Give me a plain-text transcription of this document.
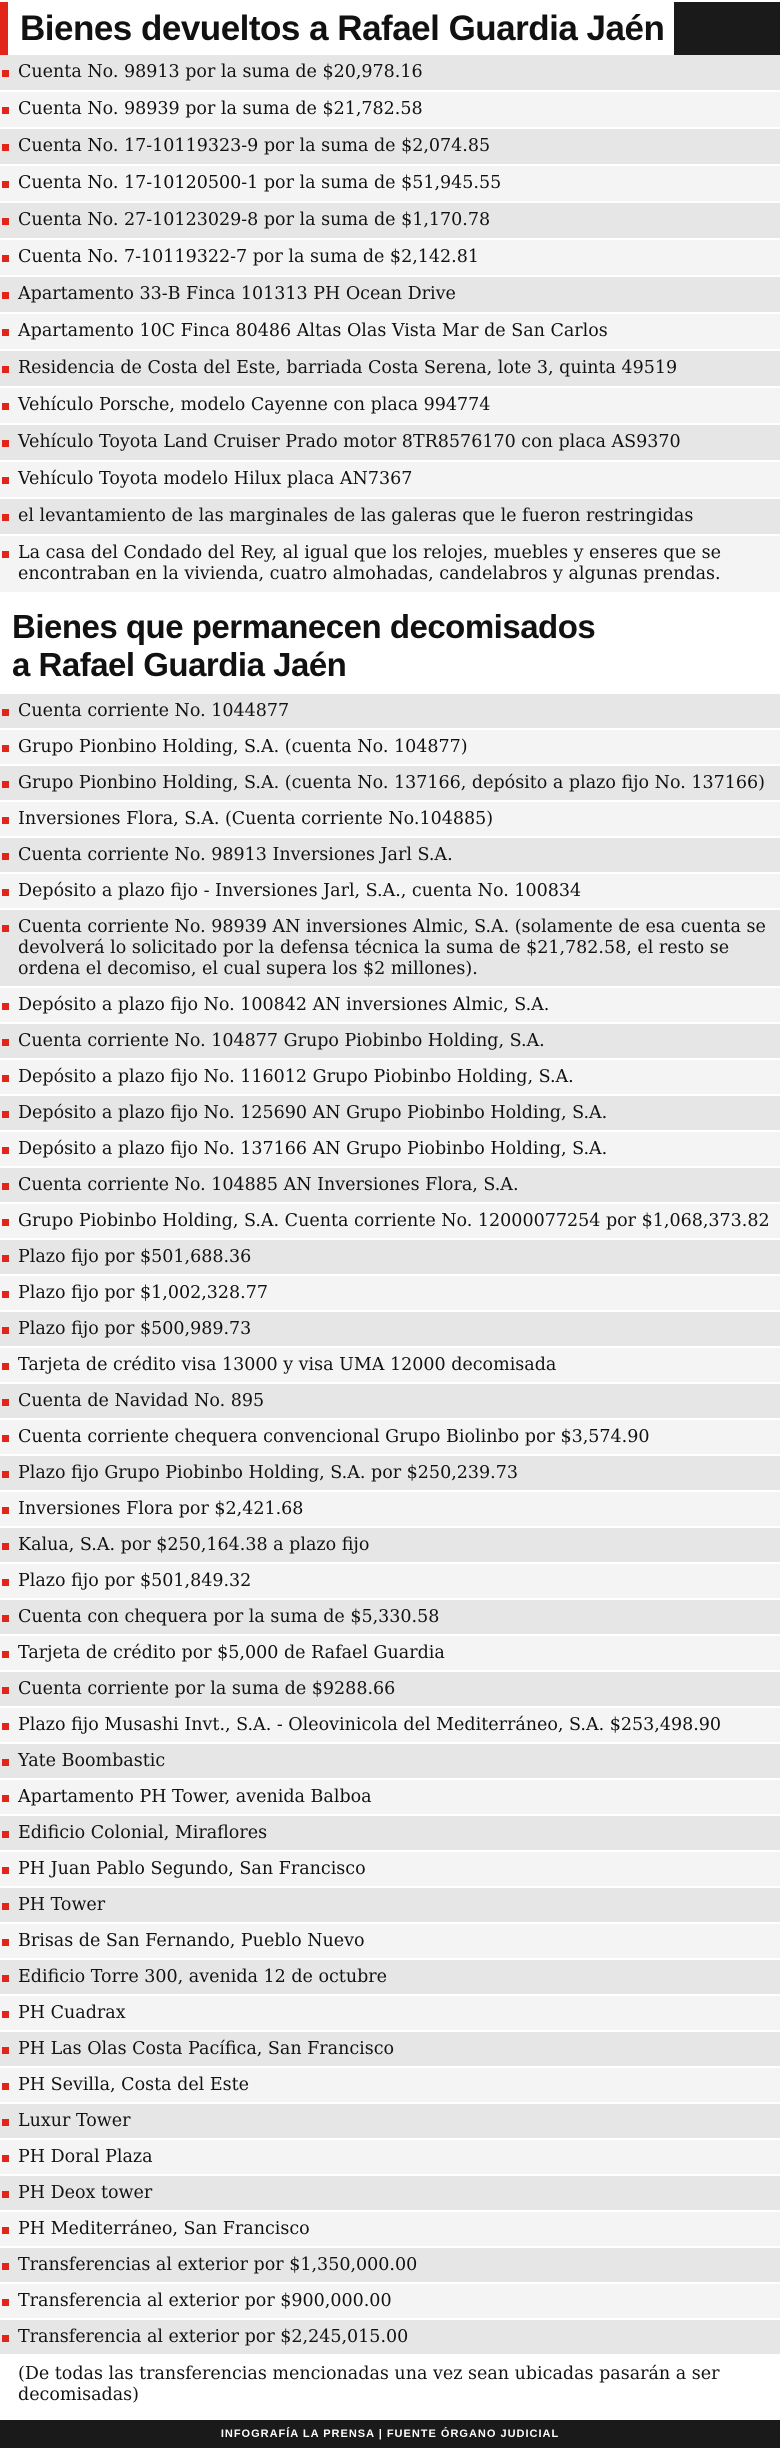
Bienes devueltos a Rafael Guardia Jaén
Cuenta No. 98913 por la suma de $20,978.16
Cuenta No. 98939 por la suma de $21,782.58
Cuenta No. 17-10119323-9 por la suma de $2,074.85
Cuenta No. 17-10120500-1 por la suma de $51,945.55
Cuenta No. 27-10123029-8 por la suma de $1,170.78
Cuenta No. 7-10119322-7 por la suma de $2,142.81
Apartamento 33-B Finca 101313 PH Ocean Drive
Apartamento 10C Finca 80486 Altas Olas Vista Mar de San Carlos
Residencia de Costa del Este, barriada Costa Serena, lote 3, quinta 49519
Vehículo Porsche, modelo Cayenne con placa 994774
Vehículo Toyota Land Cruiser Prado motor 8TR8576170 con placa AS9370
Vehículo Toyota modelo Hilux placa AN7367
el levantamiento de las marginales de las galeras que le fueron restringidas
La casa del Condado del Rey, al igual que los relojes, muebles y enseres que se encontraban en la vivienda, cuatro almohadas, candelabros y algunas prendas.
Bienes que permanecen decomisados
a Rafael Guardia Jaén
Cuenta corriente No. 1044877
Grupo Pionbino Holding, S.A. (cuenta No. 104877)
Grupo Pionbino Holding, S.A. (cuenta No. 137166, depósito a plazo fijo No. 137166)
Inversiones Flora, S.A. (Cuenta corriente No.104885)
Cuenta corriente No. 98913 Inversiones Jarl S.A.
Depósito a plazo fijo - Inversiones Jarl, S.A., cuenta No. 100834
Cuenta corriente No. 98939 AN inversiones Almic, S.A. (solamente de esa cuenta se devolverá lo solicitado por la defensa técnica la suma de $21,782.58, el resto se ordena el decomiso, el cual supera los $2 millones).
Depósito a plazo fijo No. 100842 AN inversiones Almic, S.A.
Cuenta corriente No. 104877 Grupo Piobinbo Holding, S.A.
Depósito a plazo fijo No. 116012 Grupo Piobinbo Holding, S.A.
Depósito a plazo fijo No. 125690 AN Grupo Piobinbo Holding, S.A.
Depósito a plazo fijo No. 137166 AN Grupo Piobinbo Holding, S.A.
Cuenta corriente No. 104885 AN Inversiones Flora, S.A.
Grupo Piobinbo Holding, S.A. Cuenta corriente No. 12000077254 por $1,068,373.82
Plazo fijo por $501,688.36
Plazo fijo por $1,002,328.77
Plazo fijo por $500,989.73
Tarjeta de crédito visa 13000 y visa UMA 12000 decomisada
Cuenta de Navidad No. 895
Cuenta corriente chequera convencional Grupo Biolinbo por $3,574.90
Plazo fijo Grupo Piobinbo Holding, S.A. por $250,239.73
Inversiones Flora por $2,421.68
Kalua, S.A. por $250,164.38 a plazo fijo
Plazo fijo por $501,849.32
Cuenta con chequera por la suma de $5,330.58
Tarjeta de crédito por $5,000 de Rafael Guardia
Cuenta corriente por la suma de $9288.66
Plazo fijo Musashi Invt., S.A. - Oleovinicola del Mediterráneo, S.A. $253,498.90
Yate Boombastic
Apartamento PH Tower, avenida Balboa
Edificio Colonial, Miraflores
PH Juan Pablo Segundo, San Francisco
PH Tower
Brisas de San Fernando, Pueblo Nuevo
Edificio Torre 300, avenida 12 de octubre
PH Cuadrax
PH Las Olas Costa Pacífica, San Francisco
PH Sevilla, Costa del Este
Luxur Tower
PH Doral Plaza
PH Deox tower
PH Mediterráneo, San Francisco
Transferencias al exterior por $1,350,000.00
Transferencia al exterior por $900,000.00
Transferencia al exterior por $2,245,015.00
(De todas las transferencias mencionadas una vez sean ubicadas pasarán a ser decomisadas)
INFOGRAFÍA LA PRENSA | FUENTE ÓRGANO JUDICIAL
